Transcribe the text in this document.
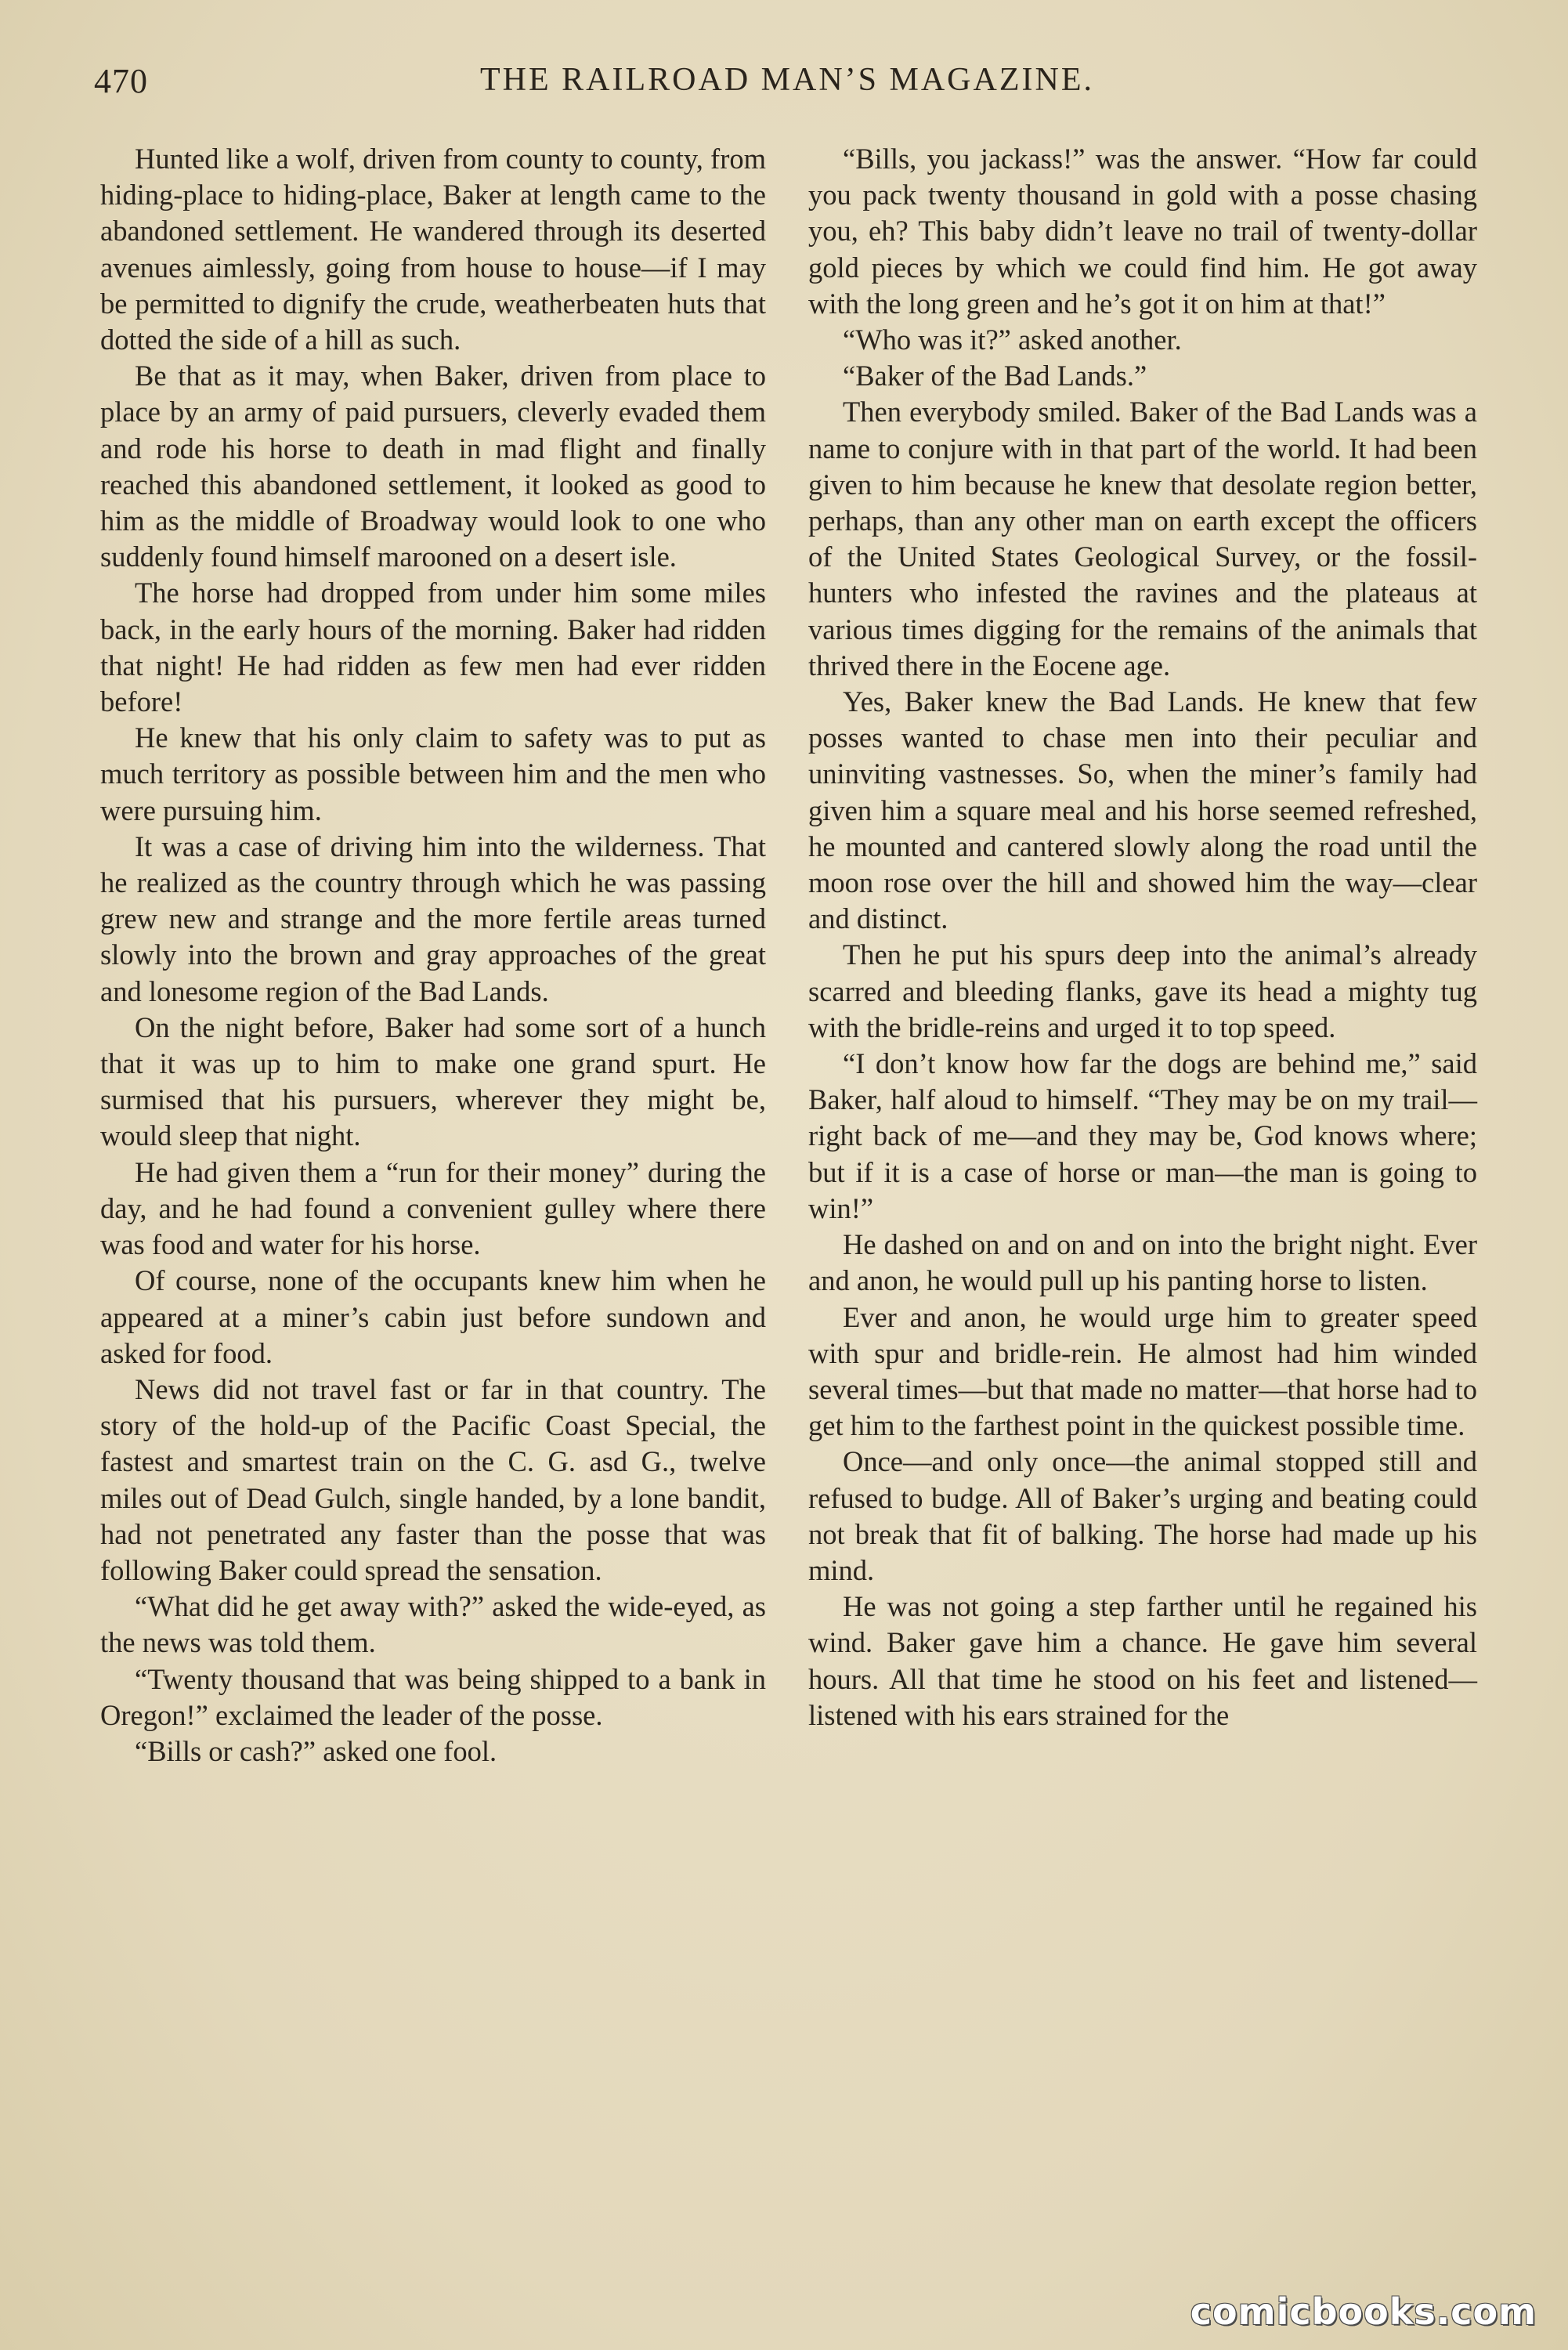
470	THE RAILROAD MAN’S MAGAZINE.

Hunted like a wolf, driven from county to county, from hiding-place to hiding-place, Baker at length came to the abandoned settlement. He wandered through its deserted avenues aimlessly, going from house to house—if I may be permitted to dignify the crude, weatherbeaten huts that dotted the side of a hill as such.

Be that as it may, when Baker, driven from place to place by an army of paid pursuers, cleverly evaded them and rode his horse to death in mad flight and finally reached this abandoned settlement, it looked as good to him as the middle of Broadway would look to one who suddenly found himself marooned on a desert isle.

The horse had dropped from under him some miles back, in the early hours of the morning. Baker had ridden that night! He had ridden as few men had ever ridden before!

He knew that his only claim to safety was to put as much territory as possible between him and the men who were pursuing him.

It was a case of driving him into the wilderness. That he realized as the country through which he was passing grew new and strange and the more fertile areas turned slowly into the brown and gray approaches of the great and lonesome region of the Bad Lands.

On the night before, Baker had some sort of a hunch that it was up to him to make one grand spurt. He surmised that his pursuers, wherever they might be, would sleep that night.

He had given them a “run for their money” during the day, and he had found a convenient gulley where there was food and water for his horse.

Of course, none of the occupants knew him when he appeared at a miner’s cabin just before sundown and asked for food.

News did not travel fast or far in that country. The story of the hold-up of the Pacific Coast Special, the fastest and smartest train on the C. G. asd G., twelve miles out of Dead Gulch, single handed, by a lone bandit, had not penetrated any faster than the posse that was following Baker could spread the sensation.

“What did he get away with?” asked the wide-eyed, as the news was told them.

“Twenty thousand that was being shipped to a bank in Oregon!” exclaimed the leader of the posse.

“Bills or cash?” asked one fool.

“Bills, you jackass!” was the answer. “How far could you pack twenty thousand in gold with a posse chasing you, eh? This baby didn’t leave no trail of twenty-dollar gold pieces by which we could find him. He got away with the long green and he’s got it on him at that!”

“Who was it?” asked another.

“Baker of the Bad Lands.”

Then everybody smiled. Baker of the Bad Lands was a name to conjure with in that part of the world. It had been given to him because he knew that desolate region better, perhaps, than any other man on earth except the officers of the United States Geological Survey, or the fossil-hunters who infested the ravines and the plateaus at various times digging for the remains of the animals that thrived there in the Eocene age.

Yes, Baker knew the Bad Lands. He knew that few posses wanted to chase men into their peculiar and uninviting vastnesses. So, when the miner’s family had given him a square meal and his horse seemed refreshed, he mounted and cantered slowly along the road until the moon rose over the hill and showed him the way—clear and distinct.

Then he put his spurs deep into the animal’s already scarred and bleeding flanks, gave its head a mighty tug with the bridle-reins and urged it to top speed.

“I don’t know how far the dogs are behind me,” said Baker, half aloud to himself. “They may be on my trail—right back of me—and they may be, God knows where; but if it is a case of horse or man—the man is going to win!”

He dashed on and on and on into the bright night. Ever and anon, he would pull up his panting horse to listen.

Ever and anon, he would urge him to greater speed with spur and bridle-rein. He almost had him winded several times—but that made no matter—that horse had to get him to the farthest point in the quickest possible time.

Once—and only once—the animal stopped still and refused to budge. All of Baker’s urging and beating could not break that fit of balking. The horse had made up his mind.

He was not going a step farther until he regained his wind. Baker gave him a chance. He gave him several hours. All that time he stood on his feet and listened—listened with his ears strained for the

comicbooks.com
